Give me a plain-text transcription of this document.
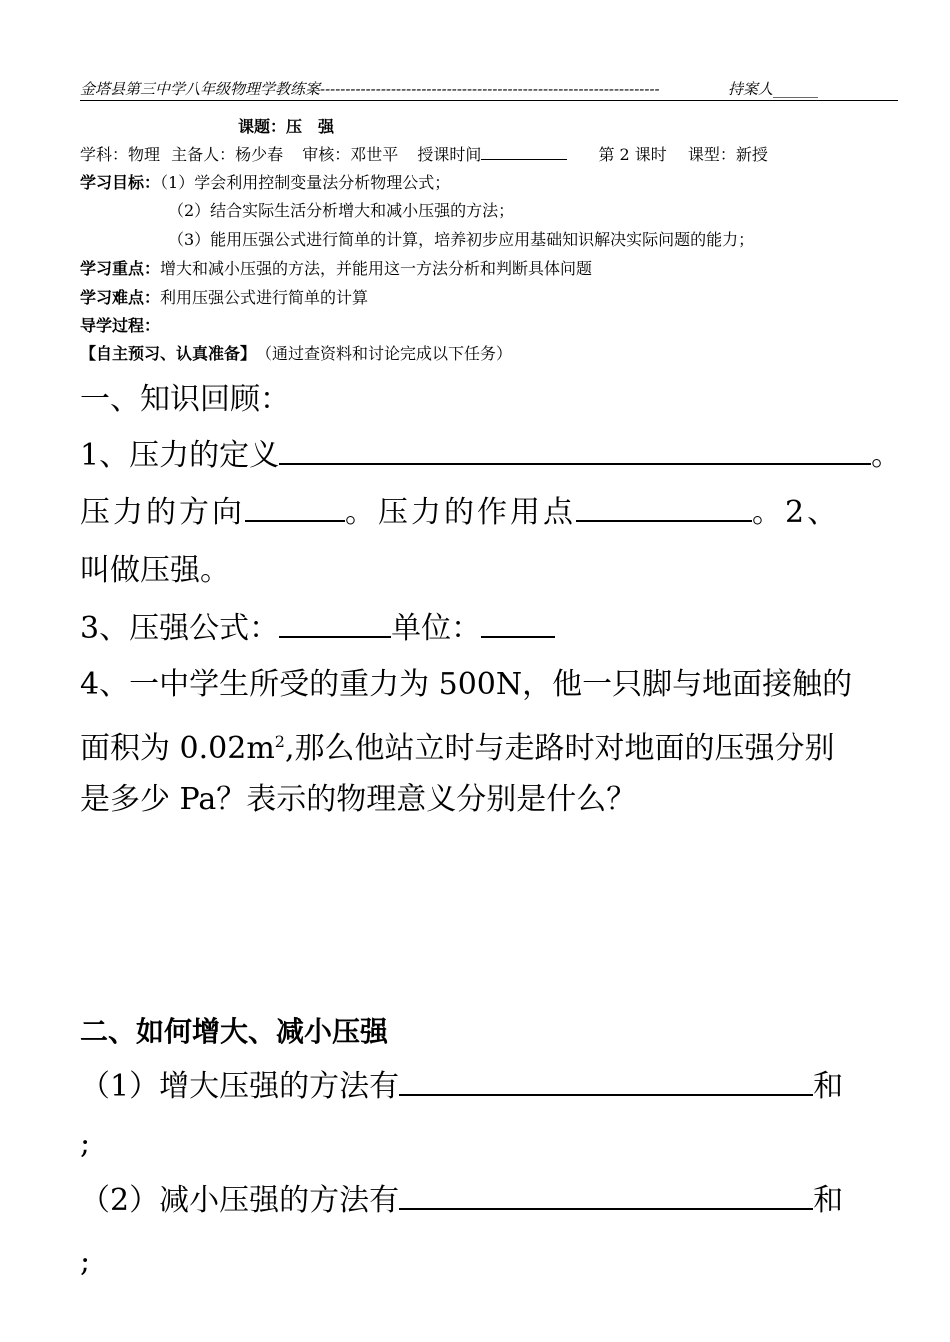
金塔县第三中学八年级物理学教练案-------------------------------------------------------------------	持案人______
课题：压　强
学科：物理 主备人：杨少春 审核：邓世平 授课时间	第 2 课时 课型：新授
学习目标：（1）学会利用控制变量法分析物理公式；
（2）结合实际生活分析增大和减小压强的方法；
（3）能用压强公式进行简单的计算，培养初步应用基础知识解决实际问题的能力；
学习重点：增大和减小压强的方法，并能用这一方法分析和判断具体问题
学习难点：利用压强公式进行简单的计算
导学过程：
【自主预习、认真准备】 （通过查资料和讨论完成以下任务）
一、知识回顾：
1、压力的定义	。
压力的方向	。压力的作用点	。2、
叫做压强。
3、压强公式：	单位：
4、一中学生所受的重力为 500N，他一只脚与地面接触的
面积为 $0.02m^2$,那么他站立时与走路时对地面的压强分别
是多少 Pa？表示的物理意义分别是什么？
二、如何增大、减小压强
（1）增大压强的方法有	和
;
（2）减小压强的方法有	和
;
